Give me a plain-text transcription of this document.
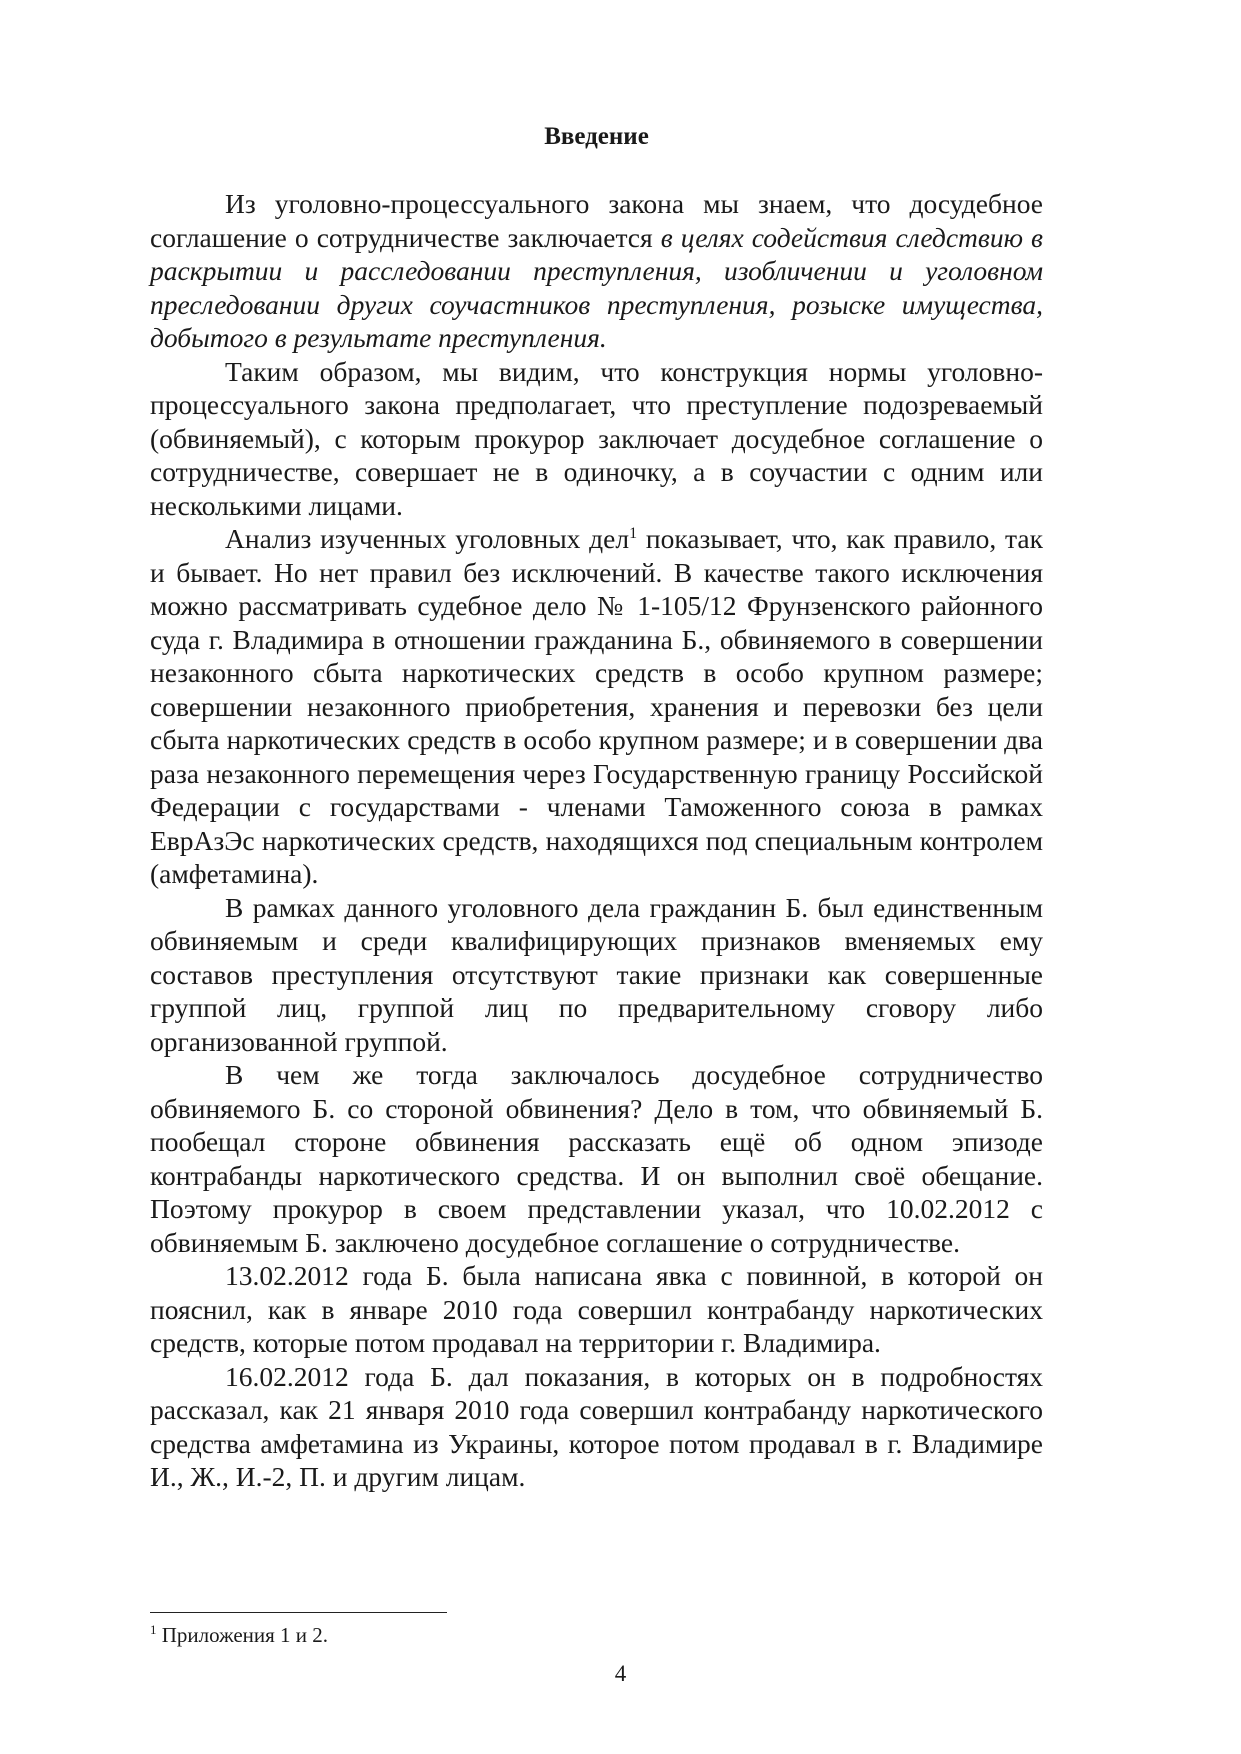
Введение

Из уголовно-процессуального закона мы знаем, что досудебное соглашение о сотрудничестве заключается в целях содействия следствию в раскрытии и расследовании преступления, изобличении и уголовном преследовании других соучастников преступления, розыске имущества, добытого в результате преступления.

Таким образом, мы видим, что конструкция нормы уголовно-процессуального закона предполагает, что преступление подозреваемый (обвиняемый), с которым прокурор заключает досудебное соглашение о сотрудничестве, совершает не в одиночку, а в соучастии с одним или несколькими лицами.

Анализ изученных уголовных дел$^1$ показывает, что, как правило, так и бывает. Но нет правил без исключений. В качестве такого исключения можно рассматривать судебное дело № 1-105/12 Фрунзенского районного суда г. Владимира в отношении гражданина Б., обвиняемого в совершении незаконного сбыта наркотических средств в особо крупном размере; совершении незаконного приобретения, хранения и перевозки без цели сбыта наркотических средств в особо крупном размере; и в совершении два раза незаконного перемещения через Государственную границу Российской Федерации с государствами - членами Таможенного союза в рамках ЕврАзЭс наркотических средств, находящихся под специальным контролем (амфетамина).

В рамках данного уголовного дела гражданин Б. был единственным обвиняемым и среди квалифицирующих признаков вменяемых ему составов преступления отсутствуют такие признаки как совершенные группой лиц, группой лиц по предварительному сговору либо организованной группой.

В чем же тогда заключалось досудебное сотрудничество обвиняемого Б. со стороной обвинения? Дело в том, что обвиняемый Б. пообещал стороне обвинения рассказать ещё об одном эпизоде контрабанды наркотического средства. И он выполнил своё обещание. Поэтому прокурор в своем представлении указал, что 10.02.2012 с обвиняемым Б. заключено досудебное соглашение о сотрудничестве.

13.02.2012 года Б. была написана явка с повинной, в которой он пояснил, как в январе 2010 года совершил контрабанду наркотических средств, которые потом продавал на территории г. Владимира.

16.02.2012 года Б. дал показания, в которых он в подробностях рассказал, как 21 января 2010 года совершил контрабанду наркотического средства амфетамина из Украины, которое потом продавал в г. Владимире И., Ж., И.-2, П. и другим лицам.

$^1$ Приложения 1 и 2.
4
